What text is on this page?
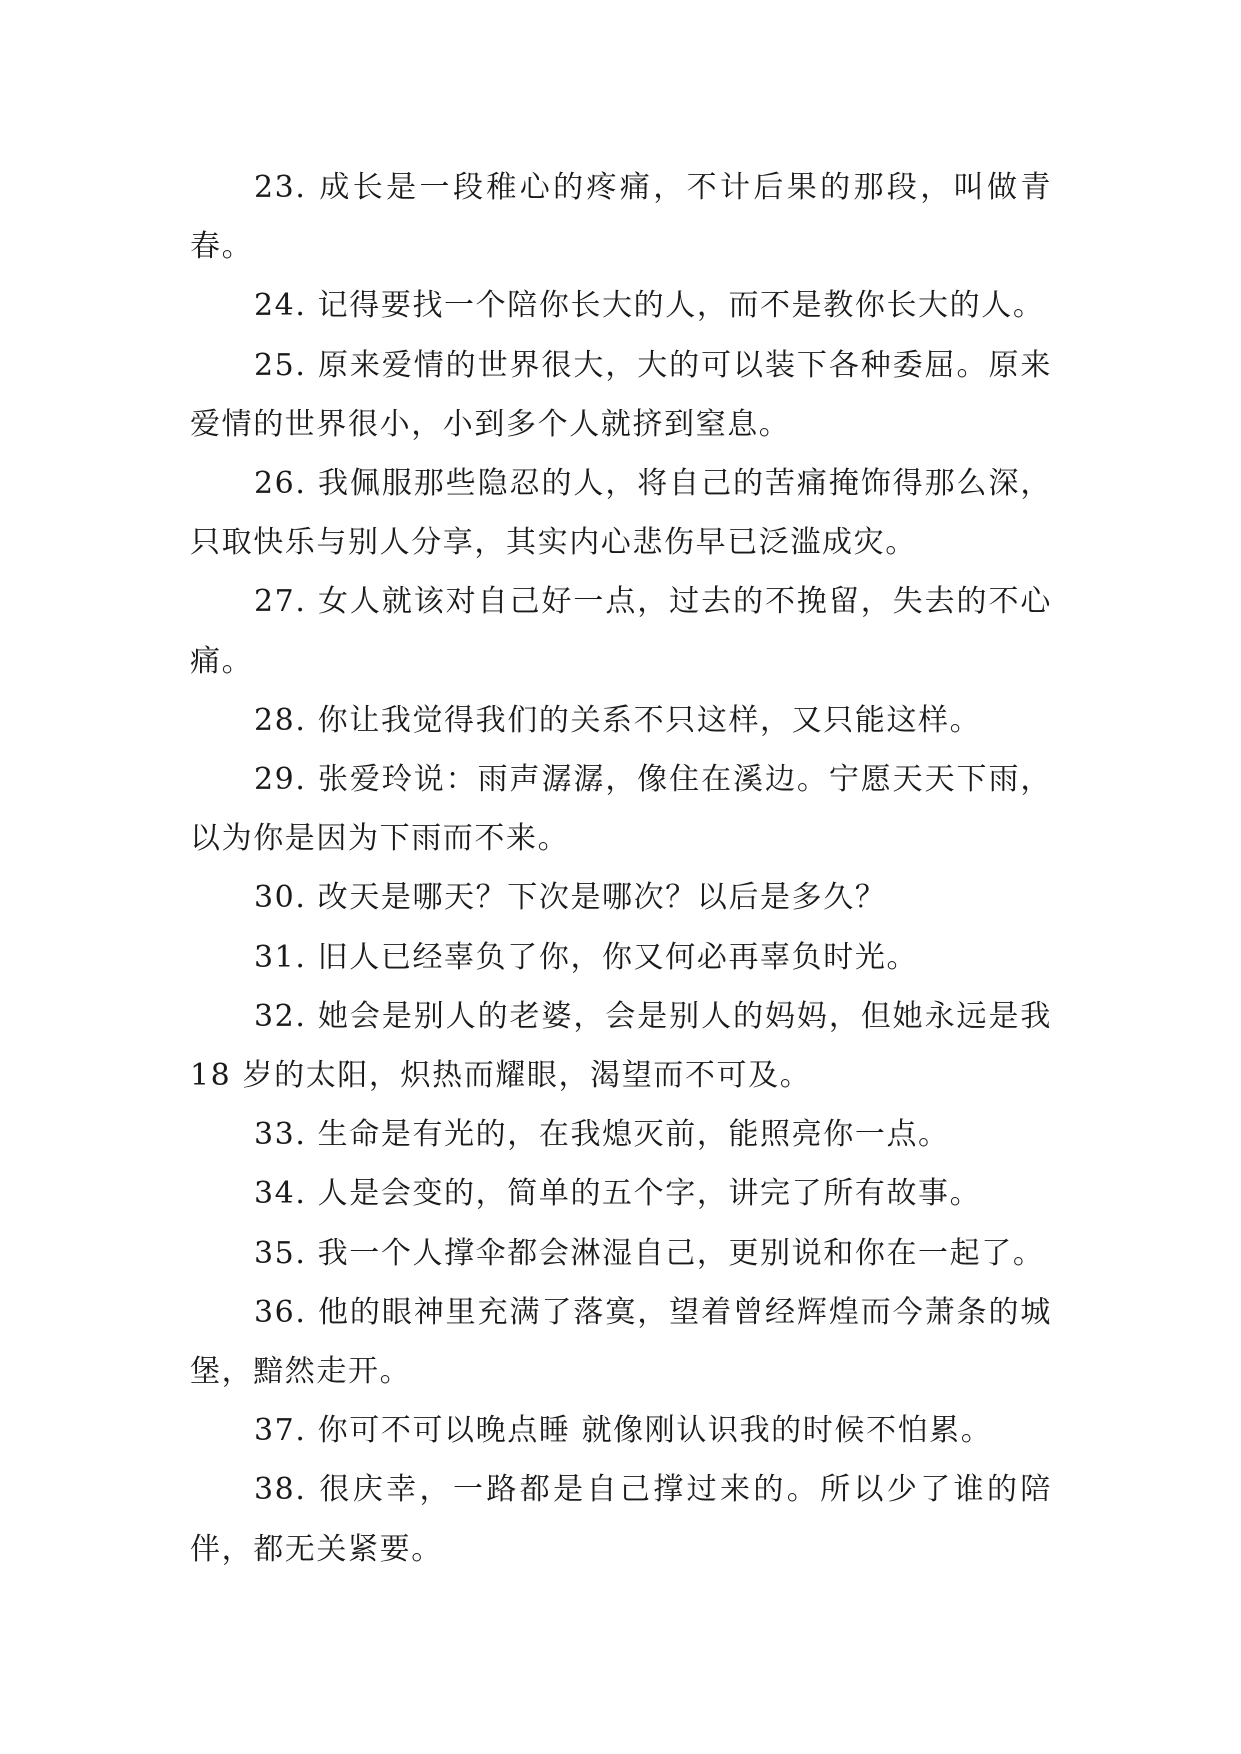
23. 成长是一段稚心的疼痛，不计后果的那段，叫做青春。

24. 记得要找一个陪你长大的人，而不是教你长大的人。

25. 原来爱情的世界很大，大的可以装下各种委屈。原来爱情的世界很小，小到多个人就挤到窒息。

26. 我佩服那些隐忍的人，将自己的苦痛掩饰得那么深，只取快乐与别人分享，其实内心悲伤早已泛滥成灾。

27. 女人就该对自己好一点，过去的不挽留，失去的不心痛。

28. 你让我觉得我们的关系不只这样，又只能这样。

29. 张爱玲说：雨声潺潺，像住在溪边。宁愿天天下雨，以为你是因为下雨而不来。

30. 改天是哪天？下次是哪次？以后是多久？

31. 旧人已经辜负了你，你又何必再辜负时光。

32. 她会是别人的老婆，会是别人的妈妈，但她永远是我 18 岁的太阳，炽热而耀眼，渴望而不可及。

33. 生命是有光的，在我熄灭前，能照亮你一点。

34. 人是会变的，简单的五个字，讲完了所有故事。

35. 我一个人撑伞都会淋湿自己，更别说和你在一起了。

36. 他的眼神里充满了落寞，望着曾经辉煌而今萧条的城堡，黯然走开。

37. 你可不可以晚点睡 就像刚认识我的时候不怕累。

38. 很庆幸，一路都是自己撑过来的。所以少了谁的陪伴，都无关紧要。
